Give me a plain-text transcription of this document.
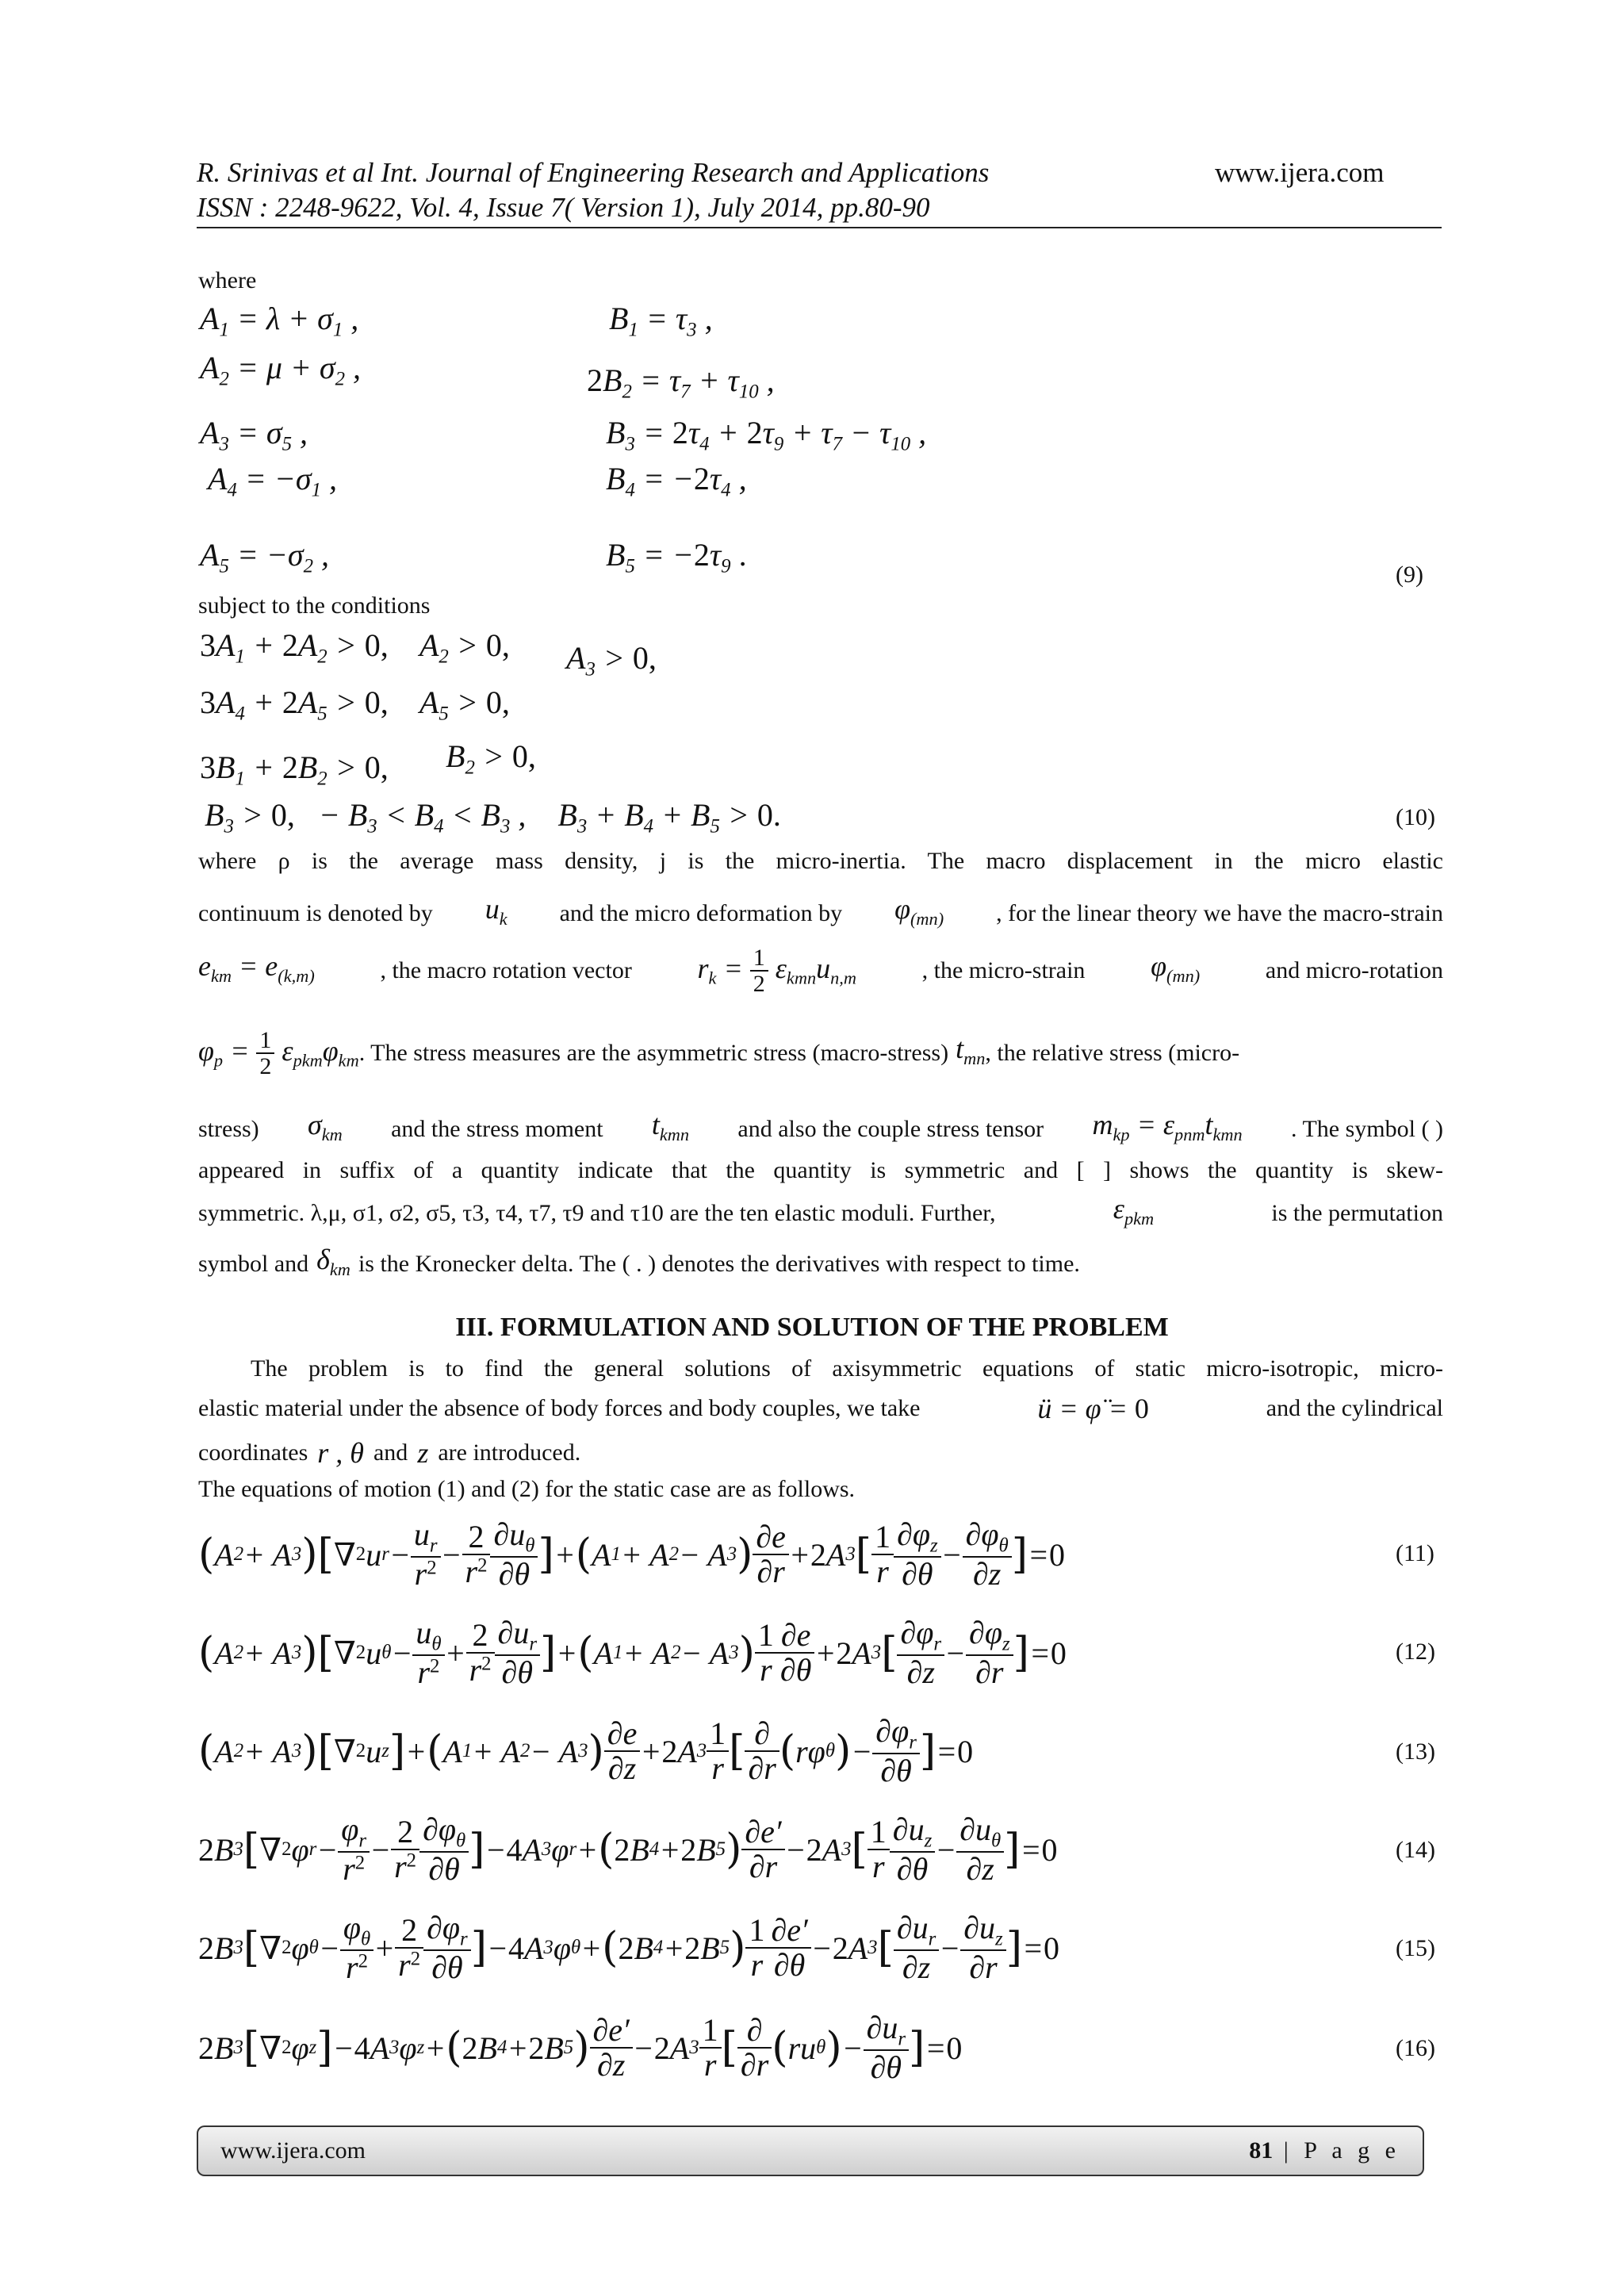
R. Srinivas et al Int. Journal of Engineering Research and Applications	www.ijera.com
ISSN : 2248-9622, Vol. 4, Issue 7( Version 1), July 2014, pp.80-90
where
$A_1 = \lambda + \sigma_1$ ,	$B_1 = \tau_3$ ,
$A_2 = \mu + \sigma_2$ ,	$2B_2 = \tau_7 + \tau_{10}$ ,
$A_3 = \sigma_5$ ,	$B_3 = 2\tau_4 + 2\tau_9 + \tau_7 - \tau_{10}$ ,
$A_4 = -\sigma_1$ ,	$B_4 = -2\tau_4$ ,
$A_5 = -\sigma_2$ ,	$B_5 = -2\tau_9$ .
(9)
subject to the conditions
$3A_1 + 2A_2 > 0$,    $A_2 > 0$, $A_3 > 0$,
$3A_4 + 2A_5 > 0$,    $A_5 > 0$,
$3B_1 + 2B_2 > 0$, $B_2 > 0$,
$B_3 > 0$,   − $B_3 < B_4 < B_3$ ,    $B_3 + B_4 + B_5 > 0$.	(10)
where ρ is the average mass density, j is the micro-inertia. The macro displacement in the micro elastic
continuum is denoted by $u_k$ and the micro deformation by $\varphi_{(mn)}$ , for the linear theory we have the macro-strain
$e_{km} = e_{(k,m)}$	, the macro rotation vector $r_k = \frac{1}{2} \varepsilon_{kmn}u_{n,m}$	, the micro-strain $\varphi_{(mn)}$	and micro-rotation
$\varphi_p = \frac{1}{2} \varepsilon_{pkm}\varphi_{km}$ . The stress measures are the asymmetric stress (macro-stress) $t_{mn}$ , the relative stress (micro-
stress) $\sigma_{km}$ and the stress moment $t_{kmn}$ and also the couple stress tensor $m_{kp} = \varepsilon_{pnm}t_{kmn}$ . The symbol ( )
appeared in suffix of a quantity indicate that the quantity is symmetric and [ ] shows the quantity is skew-
symmetric. λ,μ, σ1, σ2, σ5, τ3, τ4, τ7, τ9 and τ10 are the ten elastic moduli. Further,	$\varepsilon_{pkm}$	is the permutation
symbol and $\delta_{km}$ is the Kronecker delta. The ( . ) denotes the derivatives with respect to time.
III. FORMULATION AND SOLUTION OF THE PROBLEM
The problem is to find the general solutions of axisymmetric equations of static micro-isotropic, micro-
elastic material under the absence of body forces and body couples, we take	ü = φ̈ = 0	and the cylindrical
coordinates r , θ and z are introduced.
The equations of motion (1) and (2) for the static case are as follows.
( A 2 + A 3 ) [ ∇ 2 u $r - \frac{u_r}{r^2} - \frac{2}{r^2} \frac{\partial u_\theta}{\partial\theta}$ ] + ( A 1 + A 2 − A 3 ) $\frac{\partial e}{\partial r} + 2$ A 3 [ $\frac{1}{r} \frac{\partial\varphi_z}{\partial\theta} - \frac{\partial\varphi_\theta}{\partial z}$ ] = 0	(11)
( A 2 + A 3 ) [ ∇ 2 u $\theta - \frac{u_\theta}{r^2} + \frac{2}{r^2} \frac{\partial u_r}{\partial\theta}$ ] + ( A 1 + A 2 − A 3 ) $\frac{1}{r} \frac{\partial e}{\partial\theta} + 2$ A 3 [ $\frac{\partial\varphi_r}{\partial z} - \frac{\partial\varphi_z}{\partial r}$ ] = 0	(12)
( A 2 + A 3 ) [ ∇ 2 u z ] + ( A 1 + A 2 − A 3 ) $\frac{\partial e}{\partial z} + 2$ A $3 \frac{1}{r}$ [ $\frac{\partial}{\partial r}$ ( rφ θ ) − $\frac{\partial\varphi_r}{\partial\theta}$ ] = 0	(13)
2 B 3 [ ∇ 2 φ $r - \frac{\varphi_r}{r^2} - \frac{2}{r^2} \frac{\partial\varphi_\theta}{\partial\theta}$ ] − 4 A 3 φ r + ( 2 B 4 + 2 B 5 ) $\frac{\partial e'}{\partial r} - 2$ A 3 [ $\frac{1}{r} \frac{\partial u_z}{\partial\theta} - \frac{\partial u_\theta}{\partial z}$ ] = 0	(14)
2 B 3 [ ∇ 2 φ $\theta - \frac{\varphi_\theta}{r^2} + \frac{2}{r^2} \frac{\partial\varphi_r}{\partial\theta}$ ] − 4 A 3 φ θ + ( 2 B 4 + 2 B 5 ) $\frac{1}{r} \frac{\partial e'}{\partial\theta} - 2$ A 3 [ $\frac{\partial u_r}{\partial z} - \frac{\partial u_z}{\partial r}$ ] = 0	(15)
2 B 3 [ ∇ 2 φ z ] − 4 A 3 φ z + ( 2 B 4 + 2 B 5 ) $\frac{\partial e'}{\partial z} - 2$ A $3 \frac{1}{r}$ [ $\frac{\partial}{\partial r}$ ( ru θ ) − $\frac{\partial u_r}{\partial\theta}$ ] = 0	(16)
www.ijera.com	81 | P a g e
